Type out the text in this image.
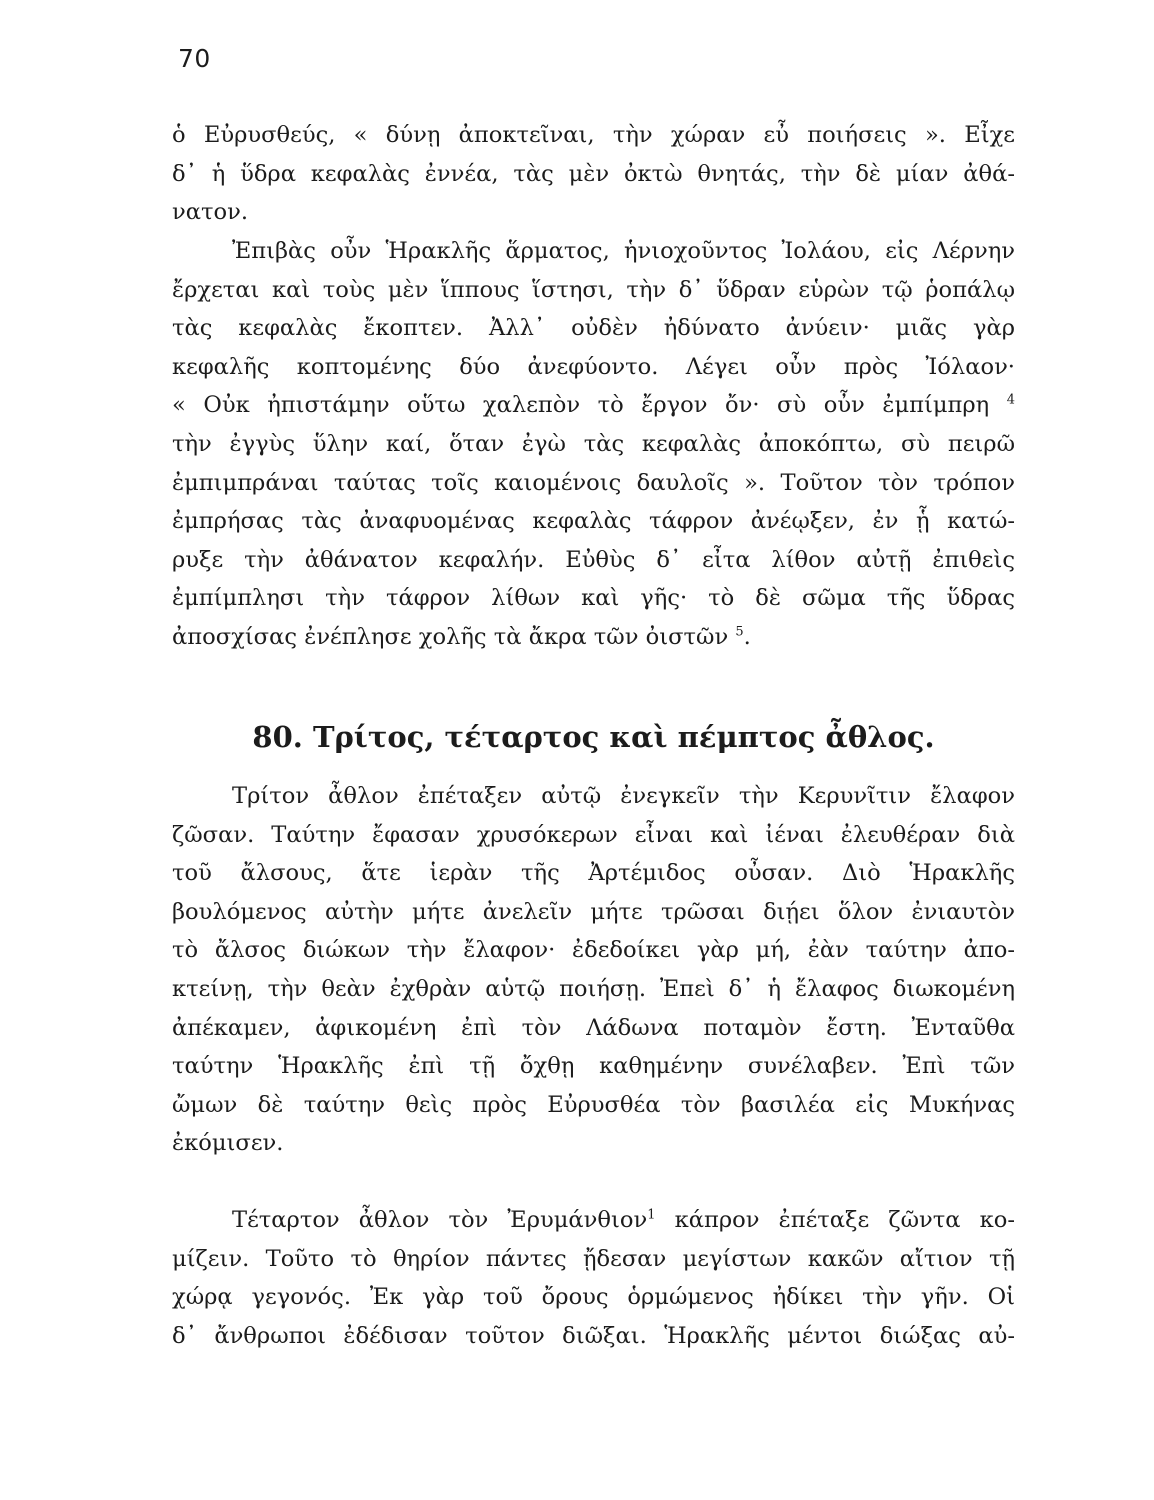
70
ὁ Εὐρυσθεύς, « δύνῃ ἀποκτεῖναι, τὴν χώραν εὖ ποιήσεις ». Εἶχε
δ᾽ ἡ ὕδρα κεφαλὰς ἐννέα, τὰς μὲν ὀκτὼ θνητάς, τὴν δὲ μίαν ἀθά-
νατον.
Ἐπιβὰς οὖν Ἡρακλῆς ἅρματος, ἡνιοχοῦντος Ἰολάου, εἰς Λέρνην
ἔρχεται καὶ τοὺς μὲν ἵππους ἵστησι, τὴν δ᾽ ὕδραν εὑρὼν τῷ ῥοπάλῳ
τὰς κεφαλὰς ἔκοπτεν. Ἀλλ᾽ οὐδὲν ἠδύνατο ἀνύειν· μιᾶς γὰρ
κεφαλῆς κοπτομένης δύο ἀνεφύοντο. Λέγει οὖν πρὸς Ἰόλαον·
« Οὐκ ἠπιστάμην οὕτω χαλεπὸν τὸ ἔργον ὄν· σὺ οὖν ἐμπίμπρη $^4$
τὴν ἐγγὺς ὕλην καί, ὅταν ἐγὼ τὰς κεφαλὰς ἀποκόπτω, σὺ πειρῶ
ἐμπιμπράναι ταύτας τοῖς καιομένοις δαυλοῖς ». Τοῦτον τὸν τρόπον
ἐμπρήσας τὰς ἀναφυομένας κεφαλὰς τάφρον ἀνέῳξεν, ἐν ᾗ κατώ-
ρυξε τὴν ἀθάνατον κεφαλήν. Εὐθὺς δ᾽ εἶτα λίθον αὐτῇ ἐπιθεὶς
ἐμπίμπλησι τὴν τάφρον λίθων καὶ γῆς· τὸ δὲ σῶμα τῆς ὕδρας
ἀποσχίσας ἐνέπλησε χολῆς τὰ ἄκρα τῶν ὀιστῶν $^5$.
80. Τρίτος, τέταρτος καὶ πέμπτος ἆθλος.
Τρίτον ἆθλον ἐπέταξεν αὐτῷ ἐνεγκεῖν τὴν Κερυνῖτιν ἔλαφον
ζῶσαν. Ταύτην ἔφασαν χρυσόκερων εἶναι καὶ ἰέναι ἐλευθέραν διὰ
τοῦ ἄλσους, ἅτε ἱερὰν τῆς Ἀρτέμιδος οὖσαν. Διὸ Ἡρακλῆς
βουλόμενος αὐτὴν μήτε ἀνελεῖν μήτε τρῶσαι διῄει ὅλον ἐνιαυτὸν
τὸ ἄλσος διώκων τὴν ἔλαφον· ἐδεδοίκει γὰρ μή, ἐὰν ταύτην ἀπο-
κτείνῃ, τὴν θεὰν ἐχθρὰν αὑτῷ ποιήσῃ. Ἐπεὶ δ᾽ ἡ ἔλαφος διωκομένη
ἀπέκαμεν, ἀφικομένη ἐπὶ τὸν Λάδωνα ποταμὸν ἔστη. Ἐνταῦθα
ταύτην Ἡρακλῆς ἐπὶ τῇ ὄχθῃ καθημένην συνέλαβεν. Ἐπὶ τῶν
ὤμων δὲ ταύτην θεὶς πρὸς Εὐρυσθέα τὸν βασιλέα εἰς Μυκήνας
ἐκόμισεν.
Τέταρτον ἆθλον τὸν Ἐρυμάνθιον$^1$ κάπρον ἐπέταξε ζῶντα κο-
μίζειν. Τοῦτο τὸ θηρίον πάντες ᾔδεσαν μεγίστων κακῶν αἴτιον τῇ
χώρᾳ γεγονός. Ἐκ γὰρ τοῦ ὄρους ὁρμώμενος ἠδίκει τὴν γῆν. Οἱ
δ᾽ ἄνθρωποι ἐδέδισαν τοῦτον διῶξαι. Ἡρακλῆς μέντοι διώξας αὐ-
